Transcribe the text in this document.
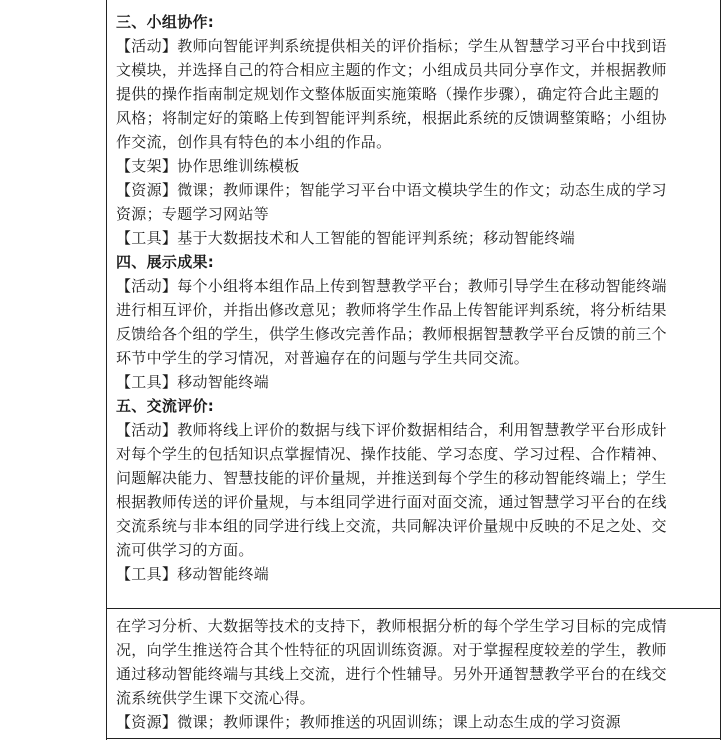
三、小组协作:
【活动】教师向智能评判系统提供相关的评价指标；学生从智慧学习平台中找到语
文模块，并选择自己的符合相应主题的作文；小组成员共同分享作文，并根据教师
提供的操作指南制定规划作文整体版面实施策略（操作步骤），确定符合此主题的
风格；将制定好的策略上传到智能评判系统，根据此系统的反馈调整策略；小组协
作交流，创作具有特色的本小组的作品。
【支架】协作思维训练模板
【资源】微课；教师课件；智能学习平台中语文模块学生的作文；动态生成的学习
资源；专题学习网站等
【工具】基于大数据技术和人工智能的智能评判系统；移动智能终端
四、展示成果:
【活动】每个小组将本组作品上传到智慧教学平台；教师引导学生在移动智能终端
进行相互评价，并指出修改意见；教师将学生作品上传智能评判系统，将分析结果
反馈给各个组的学生，供学生修改完善作品；教师根据智慧教学平台反馈的前三个
环节中学生的学习情况，对普遍存在的问题与学生共同交流。
【工具】移动智能终端
五、交流评价:
【活动】教师将线上评价的数据与线下评价数据相结合，利用智慧教学平台形成针
对每个学生的包括知识点掌握情况、操作技能、学习态度、学习过程、合作精神、
问题解决能力、智慧技能的评价量规，并推送到每个学生的移动智能终端上；学生
根据教师传送的评价量规，与本组同学进行面对面交流，通过智慧学习平台的在线
交流系统与非本组的同学进行线上交流，共同解决评价量规中反映的不足之处、交
流可供学习的方面。
【工具】移动智能终端
在学习分析、大数据等技术的支持下，教师根据分析的每个学生学习目标的完成情
况，向学生推送符合其个性特征的巩固训练资源。对于掌握程度较差的学生，教师
通过移动智能终端与其线上交流，进行个性辅导。另外开通智慧教学平台的在线交
流系统供学生课下交流心得。
【资源】微课；教师课件；教师推送的巩固训练；课上动态生成的学习资源
